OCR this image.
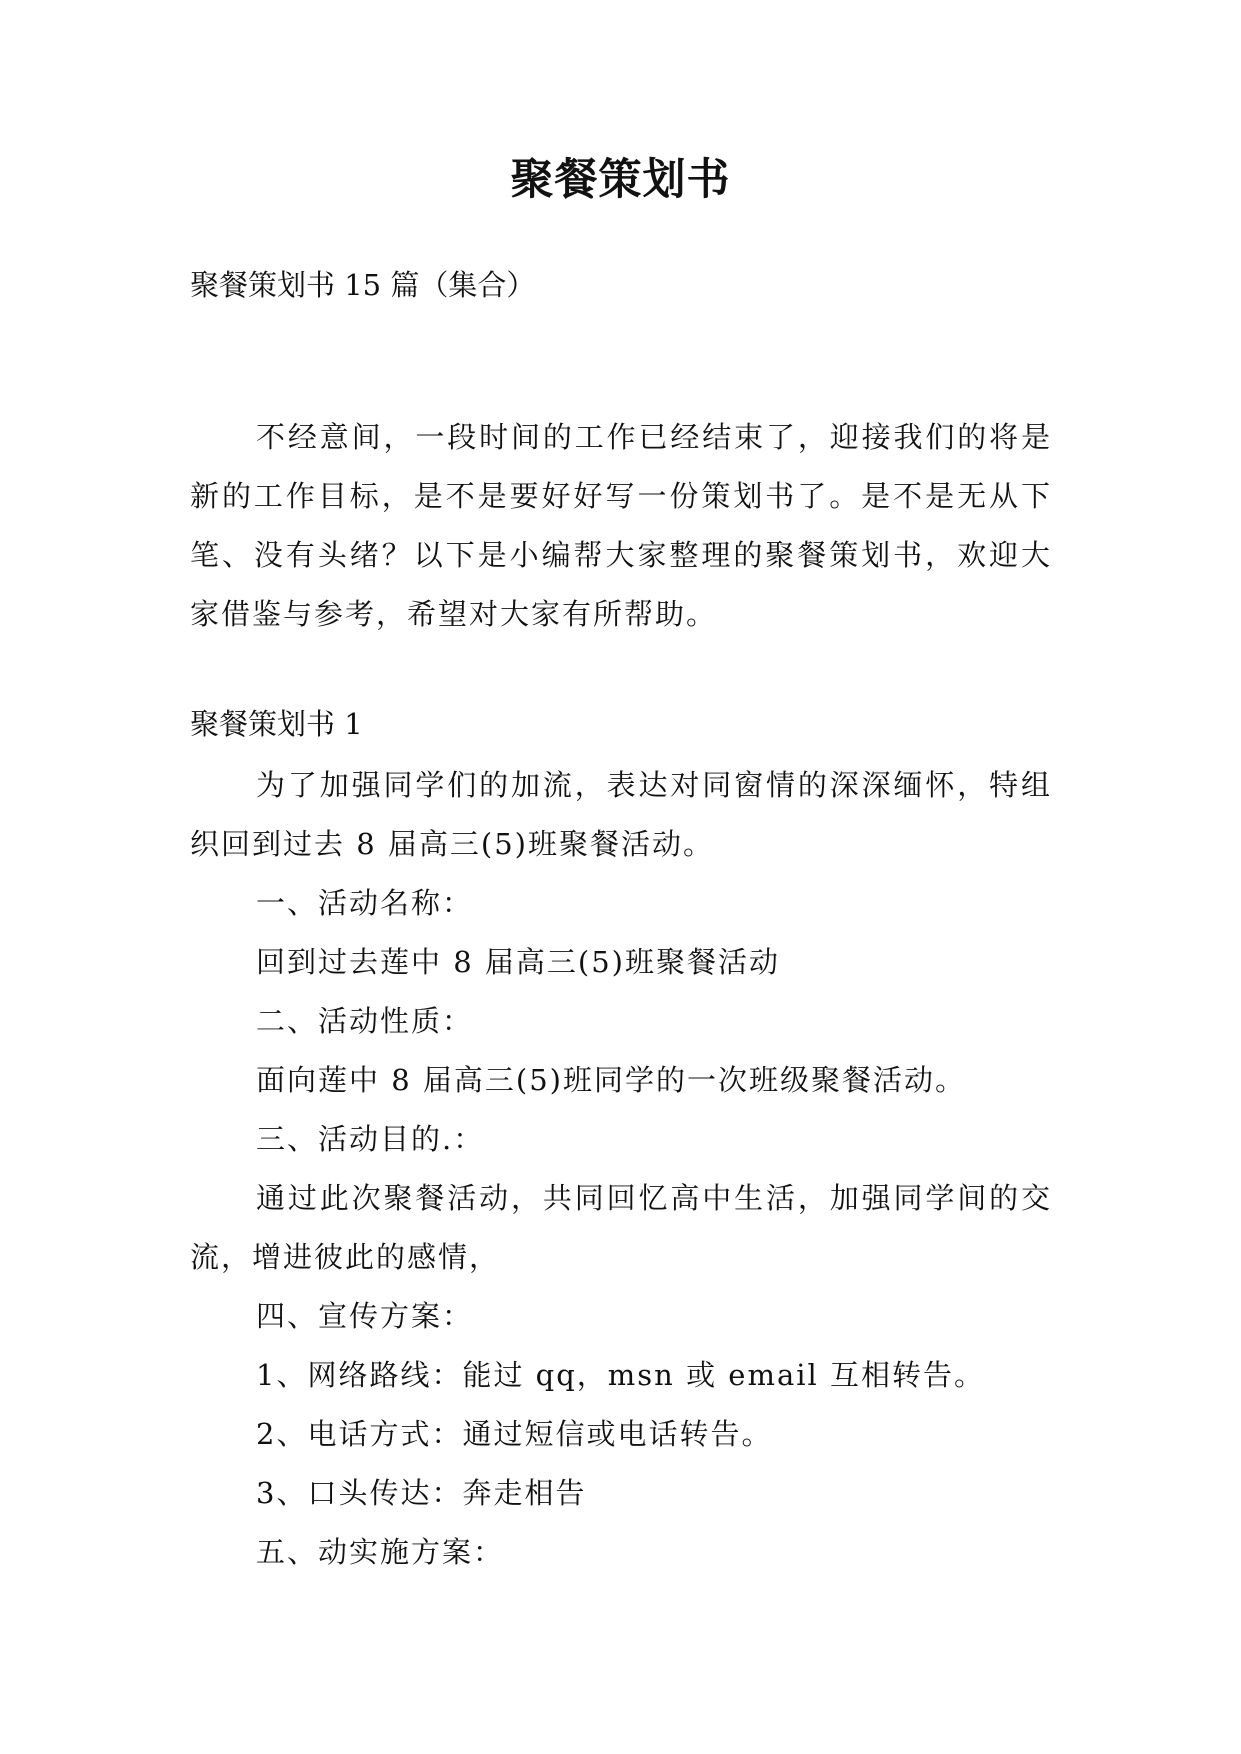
聚餐策划书
聚餐策划书 15 篇（集合）

不经意间，一段时间的工作已经结束了，迎接我们的将是新的工作目标，是不是要好好写一份策划书了。是不是无从下笔、没有头绪？以下是小编帮大家整理的聚餐策划书，欢迎大家借鉴与参考，希望对大家有所帮助。

聚餐策划书 1

为了加强同学们的加流，表达对同窗情的深深缅怀，特组织回到过去 8 届高三(5)班聚餐活动。

一、活动名称：

回到过去莲中 8 届高三(5)班聚餐活动

二、活动性质：

面向莲中 8 届高三(5)班同学的一次班级聚餐活动。

三、活动目的.：

通过此次聚餐活动，共同回忆高中生活，加强同学间的交流，增进彼此的感情，

四、宣传方案：

1、网络路线：能过 qq，msn 或 email 互相转告。

2、电话方式：通过短信或电话转告。

3、口头传达：奔走相告

五、动实施方案：
